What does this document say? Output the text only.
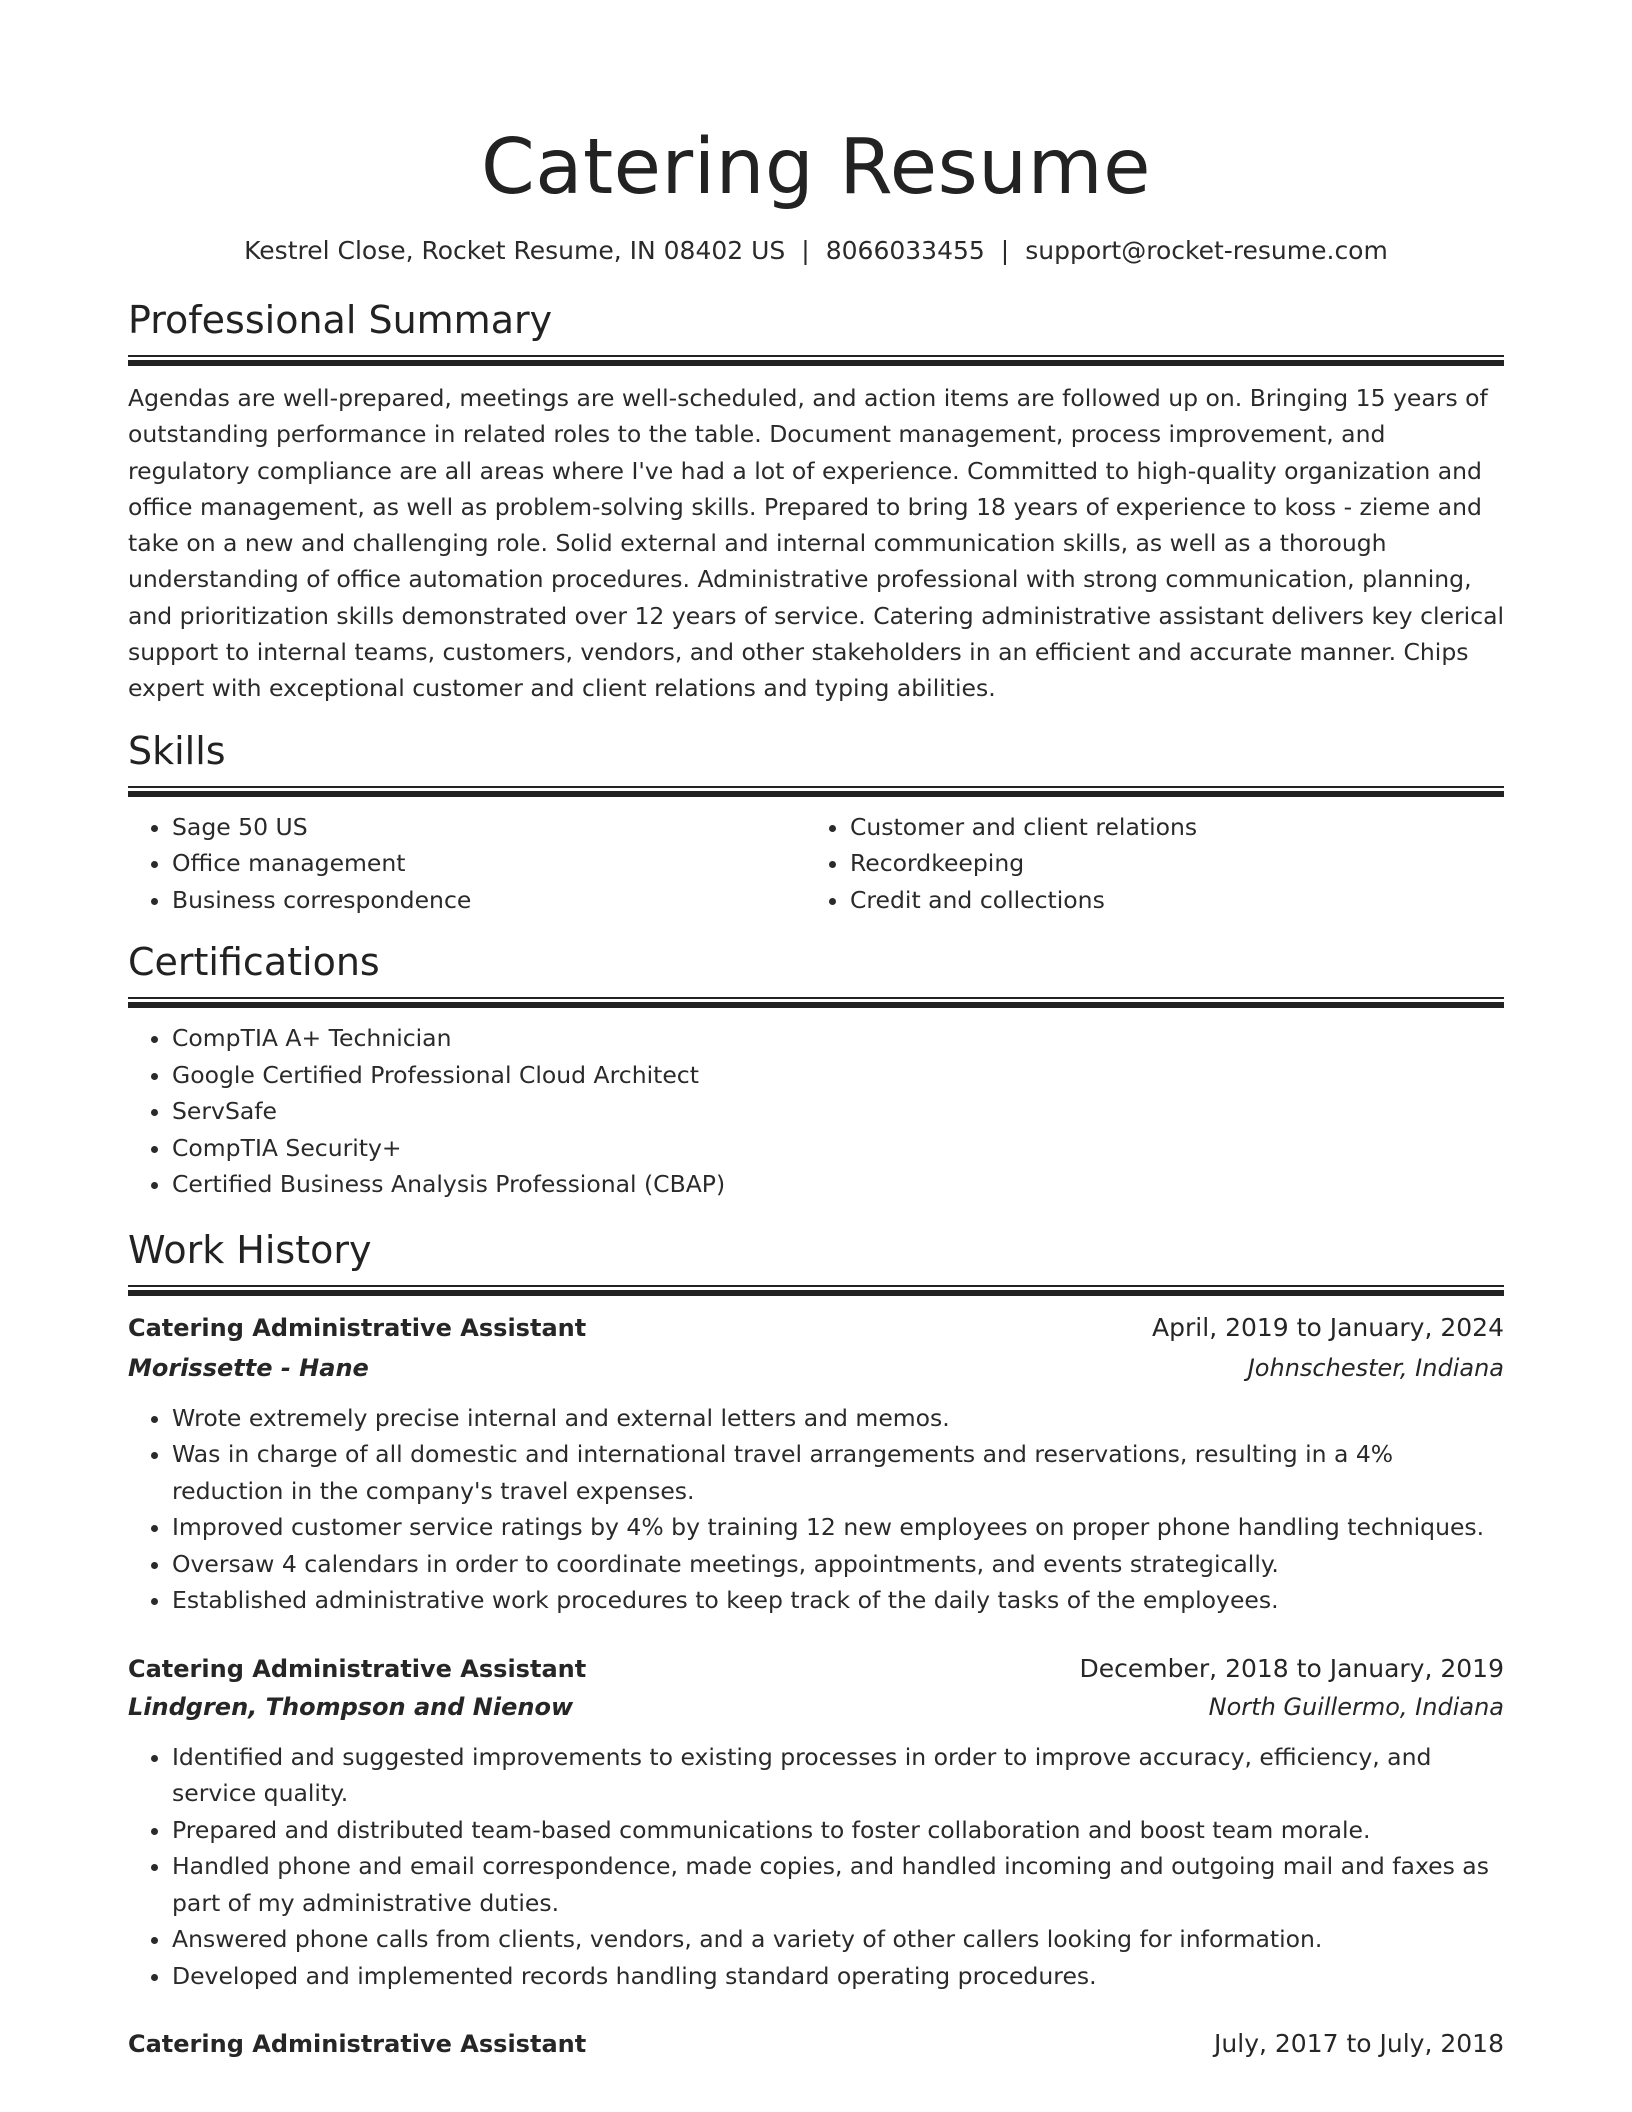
Catering Resume
Kestrel Close, Rocket Resume, IN 08402 US | 8066033455 | support@rocket-resume.com
Professional Summary
Agendas are well-prepared, meetings are well-scheduled, and action items are followed up on. Bringing 15 years of outstanding performance in related roles to the table. Document management, process improvement, and regulatory compliance are all areas where I've had a lot of experience. Committed to high-quality organization and office management, as well as problem-solving skills. Prepared to bring 18 years of experience to koss - zieme and take on a new and challenging role. Solid external and internal communication skills, as well as a thorough understanding of office automation procedures. Administrative professional with strong communication, planning, and prioritization skills demonstrated over 12 years of service. Catering administrative assistant delivers key clerical support to internal teams, customers, vendors, and other stakeholders in an efficient and accurate manner. Chips expert with exceptional customer and client relations and typing abilities.
Skills
• Sage 50 US
• Office management
• Business correspondence
• Customer and client relations
• Recordkeeping
• Credit and collections
Certifications
• CompTIA A+ Technician
• Google Certified Professional Cloud Architect
• ServSafe
• CompTIA Security+
• Certified Business Analysis Professional (CBAP)
Work History
Catering Administrative Assistant	April, 2019 to January, 2024
Morissette - Hane	Johnschester, Indiana
• Wrote extremely precise internal and external letters and memos.
• Was in charge of all domestic and international travel arrangements and reservations, resulting in a 4% reduction in the company's travel expenses.
• Improved customer service ratings by 4% by training 12 new employees on proper phone handling techniques.
• Oversaw 4 calendars in order to coordinate meetings, appointments, and events strategically.
• Established administrative work procedures to keep track of the daily tasks of the employees.
Catering Administrative Assistant	December, 2018 to January, 2019
Lindgren, Thompson and Nienow	North Guillermo, Indiana
• Identified and suggested improvements to existing processes in order to improve accuracy, efficiency, and service quality.
• Prepared and distributed team-based communications to foster collaboration and boost team morale.
• Handled phone and email correspondence, made copies, and handled incoming and outgoing mail and faxes as part of my administrative duties.
• Answered phone calls from clients, vendors, and a variety of other callers looking for information.
• Developed and implemented records handling standard operating procedures.
Catering Administrative Assistant	July, 2017 to July, 2018
